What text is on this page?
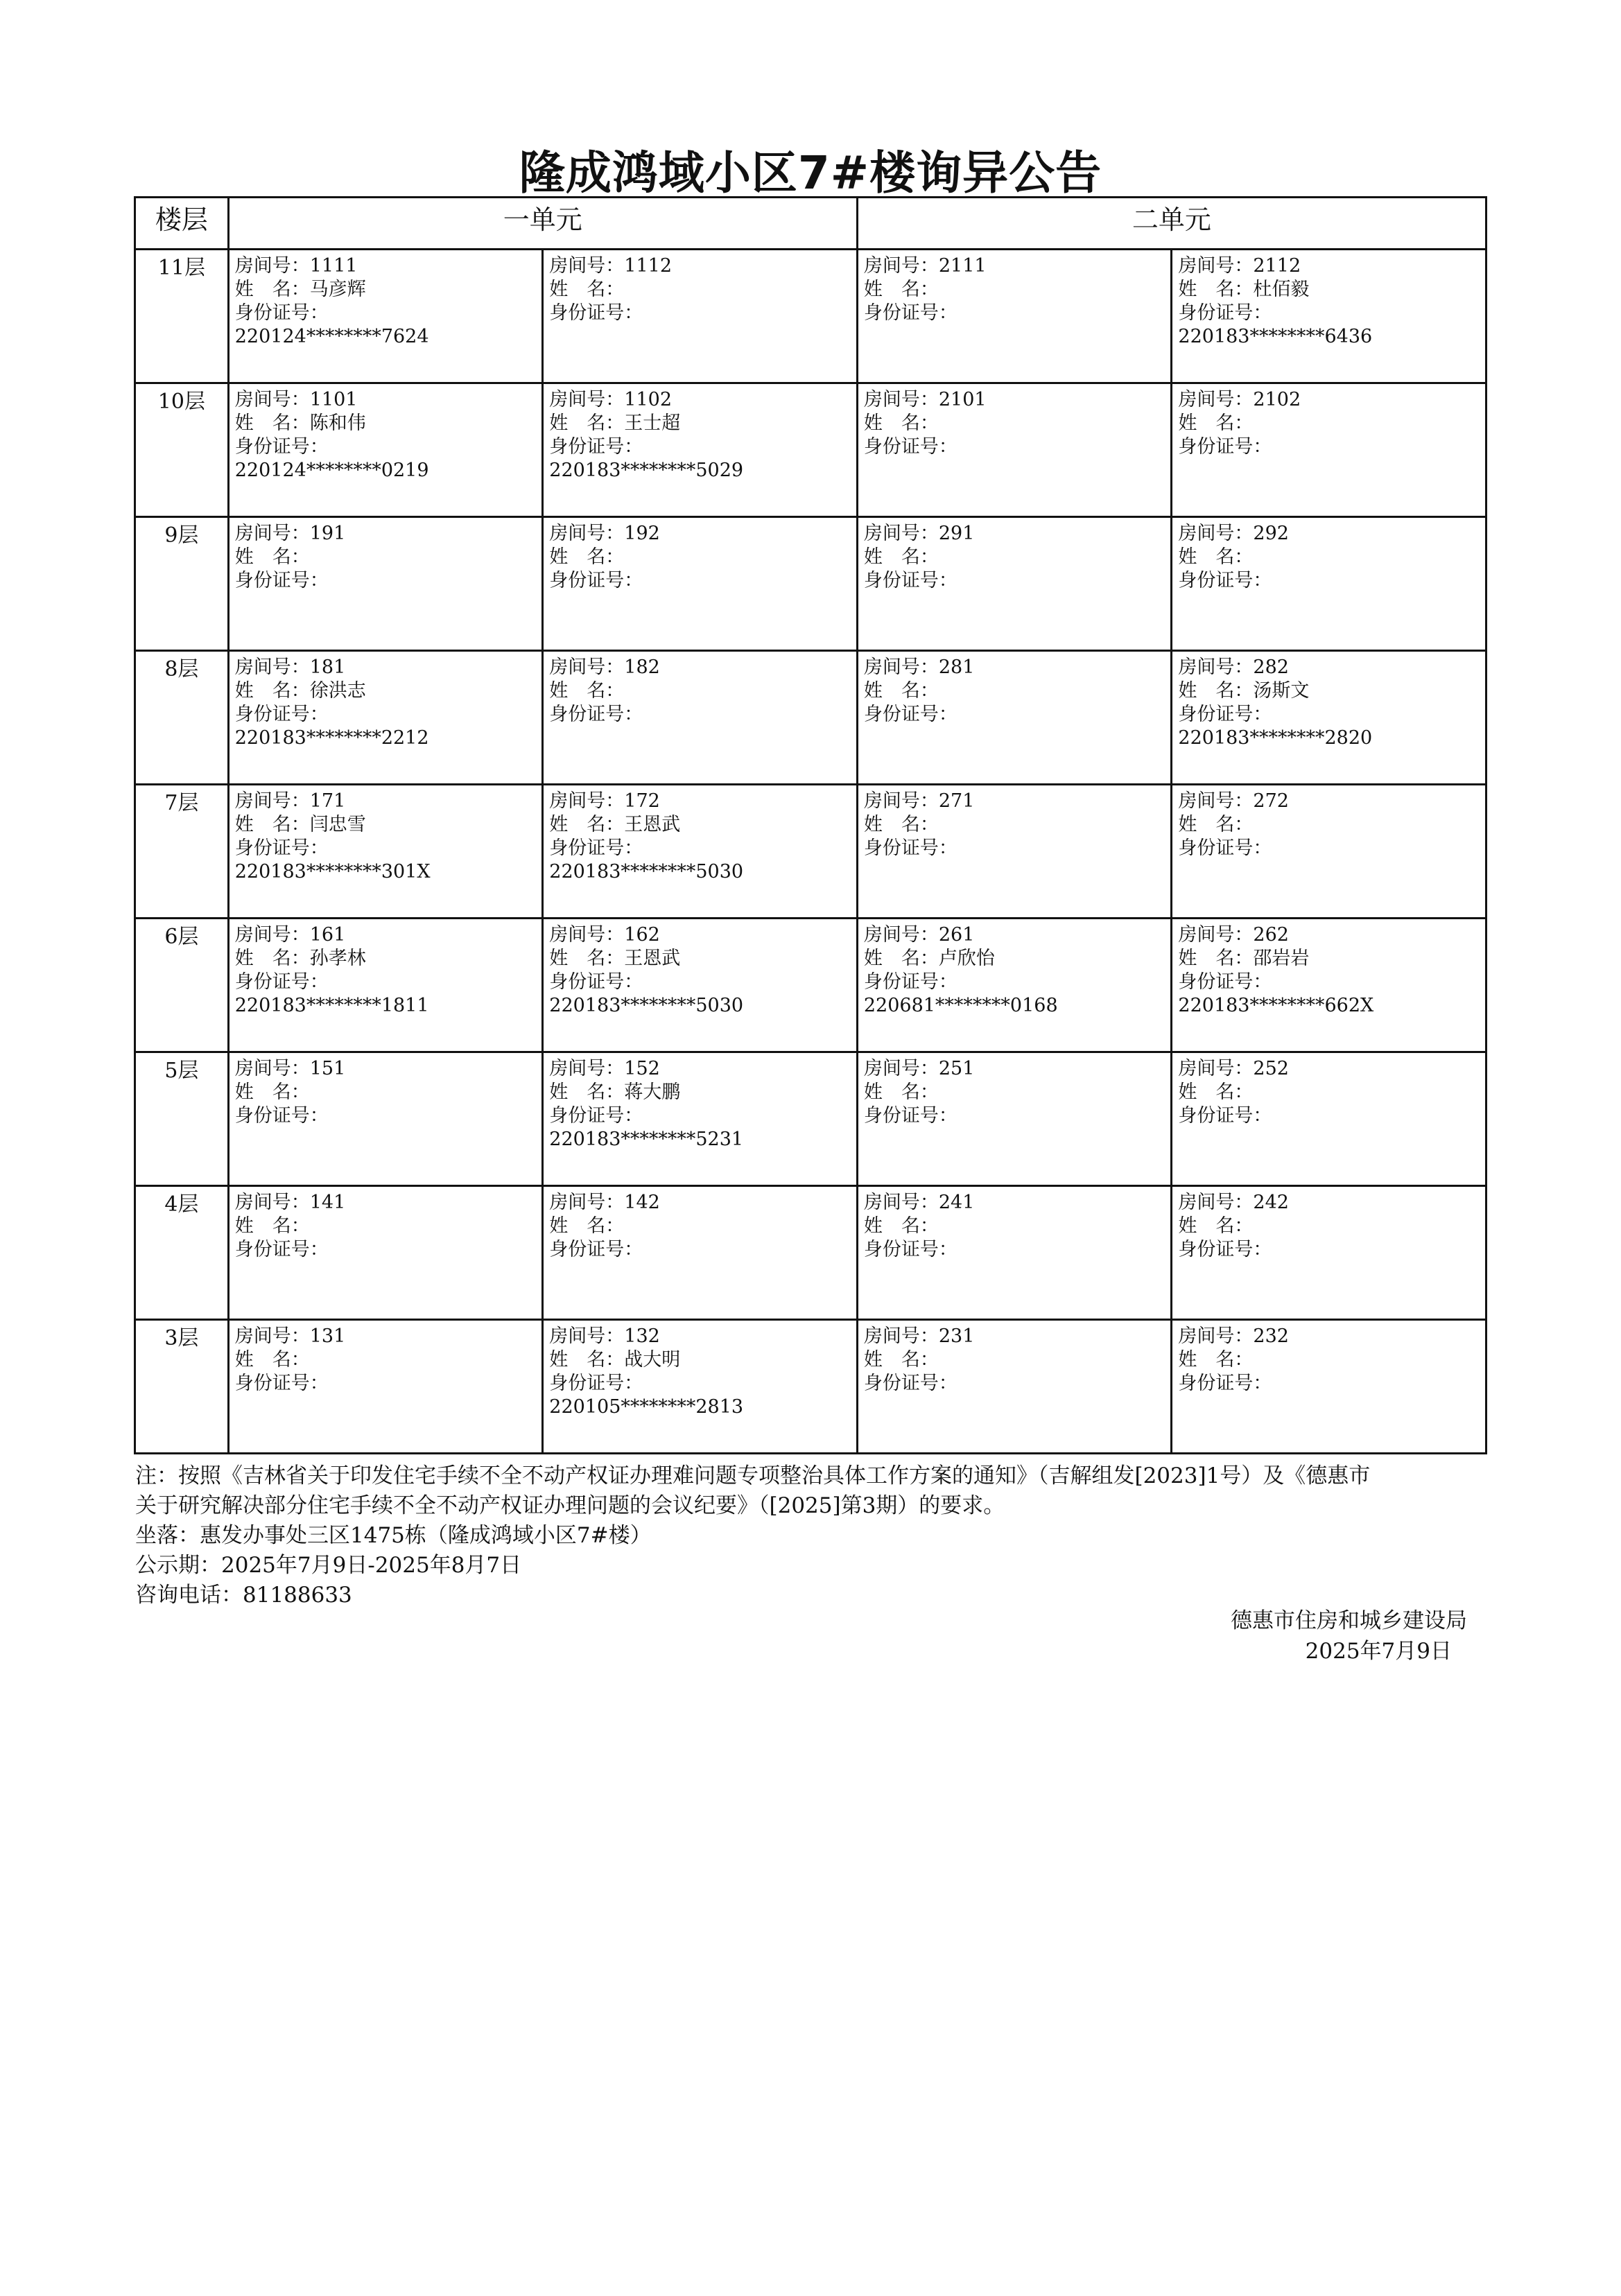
隆成鸿域小区7#楼询异公告
楼层	一单元		二单元	
11层	房间号：1111
姓　名：马彦辉
身份证号：
220124********7624	房间号：1112
姓　名：
身份证号：	房间号：2111
姓　名：
身份证号：	房间号：2112
姓　名：杜佰毅
身份证号：
220183********6436

10层	房间号：1101
姓　名：陈和伟
身份证号：
220124********0219	房间号：1102
姓　名：王士超
身份证号：
220183********5029	房间号：2101
姓　名：
身份证号：	房间号：2102
姓　名：
身份证号：

9层	房间号：191
姓　名：
身份证号：	房间号：192
姓　名：
身份证号：	房间号：291
姓　名：
身份证号：	房间号：292
姓　名：
身份证号：

8层	房间号：181
姓　名：徐洪志
身份证号：
220183********2212	房间号：182
姓　名：
身份证号：	房间号：281
姓　名：
身份证号：	房间号：282
姓　名：汤斯文
身份证号：
220183********2820

7层	房间号：171
姓　名：闫忠雪
身份证号：
220183********301X	房间号：172
姓　名：王恩武
身份证号：
220183********5030	房间号：271
姓　名：
身份证号：	房间号：272
姓　名：
身份证号：

6层	房间号：161
姓　名：孙孝林
身份证号：
220183********1811	房间号：162
姓　名：王恩武
身份证号：
220183********5030	房间号：261
姓　名：卢欣怡
身份证号：
220681********0168	房间号：262
姓　名：邵岩岩
身份证号：
220183********662X

5层	房间号：151
姓　名：
身份证号：	房间号：152
姓　名：蒋大鹏
身份证号：
220183********5231	房间号：251
姓　名：
身份证号：	房间号：252
姓　名：
身份证号：

4层	房间号：141
姓　名：
身份证号：	房间号：142
姓　名：
身份证号：	房间号：241
姓　名：
身份证号：	房间号：242
姓　名：
身份证号：

3层	房间号：131
姓　名：
身份证号：	房间号：132
姓　名：战大明
身份证号：
220105********2813	房间号：231
姓　名：
身份证号：	房间号：232
姓　名：
身份证号：
注：按照《吉林省关于印发住宅手续不全不动产权证办理难问题专项整治具体工作方案的通知》（吉解组发[2023]1号）及《德惠市
关于研究解决部分住宅手续不全不动产权证办理问题的会议纪要》（[2025]第3期）的要求。
坐落：惠发办事处三区1475栋（隆成鸿域小区7#楼）
公示期：2025年7月9日-2025年8月7日
咨询电话：81188633
德惠市住房和城乡建设局
2025年7月9日
